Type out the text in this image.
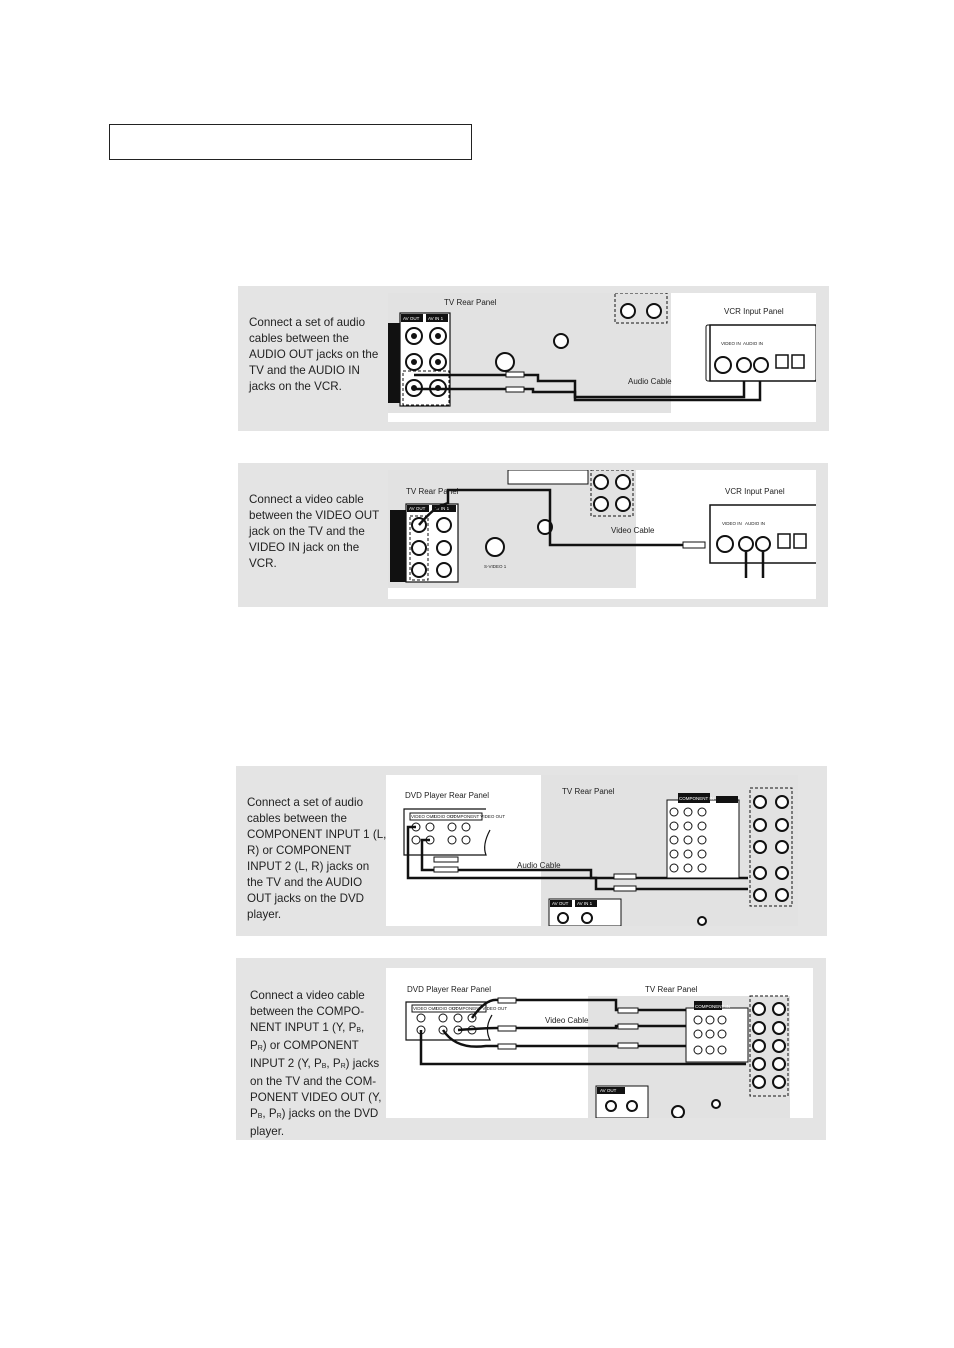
Connect a set of audio
cables between the
AUDIO OUT jacks on the
TV and the AUDIO IN
jacks on the VCR.
TV Rear Panel
VCR Input Panel
Audio Cable
AV OUT AV IN 1
VIDEO IN AUDIO IN
Connect a video cable
between the VIDEO OUT
jack on the TV and the
VIDEO IN jack on the
VCR.
TV Rear Panel	VCR Input Panel
Video Cable
AV OUT AV IN 1
S-VIDEO 1
VIDEO IN AUDIO IN
Connect a set of audio
cables between the
COMPONENT INPUT 1 (L,
R) or COMPONENT
INPUT 2 (L, R) jacks on
the TV and the AUDIO
OUT jacks on the DVD
player.
DVD Player Rear Panel	TV Rear Panel
Audio Cable
VIDEO OUT
AUDIO OUT
COMPONENT VIDEO OUT
COMPONENT IN
AV OUT AV IN 1
Connect a video cable
between the COMPO-
NENT INPUT 1 (Y, $P_B$,
$P_R$) or COMPONENT
INPUT 2 (Y, $P_B$, $P_R$) jacks
on the TV and the COM-
PONENT VIDEO OUT (Y,
$P_B$, $P_R$) jacks on the DVD
player.
DVD Player Rear Panel	TV Rear Panel
Video Cable
VIDEO OUT
AUDIO OUT
COMPONENT VIDEO OUT	COMPONENT IN
AV OUT
